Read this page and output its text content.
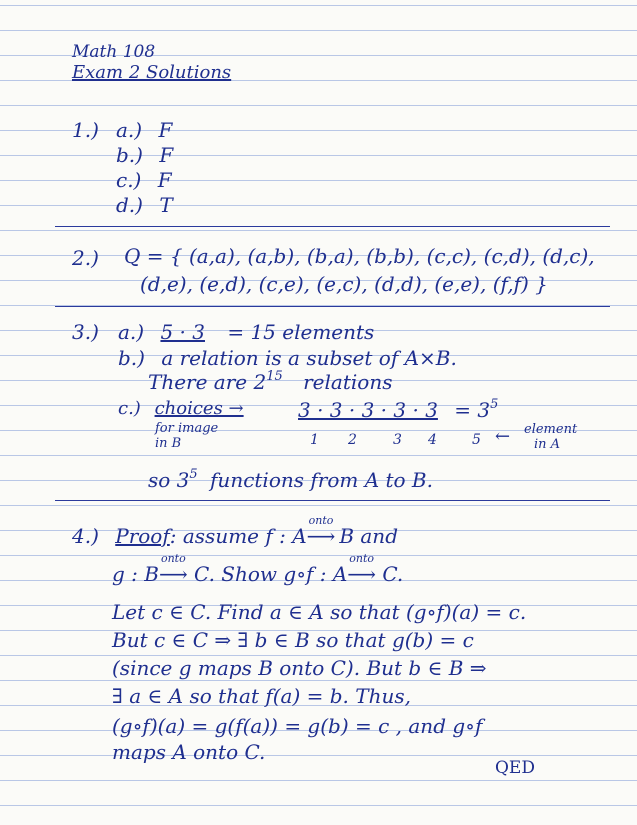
Math 108
Exam 2 Solutions
1.) a.) F
b.) F
c.) F
d.) T
2.) Q = { (a,a), (a,b), (b,a), (b,b), (c,c), (c,d), (d,c),
(d,e), (e,d), (c,e), (e,c), (d,d), (e,e), (f,f) }
3.) a.) 5 · 3 = 15 elements
b.) a relation is a subset of A×B.
There are $2^{15}$ relations
c.) choices →
for image
in B
$3 \cdot 3 \cdot 3 \cdot 3 \cdot 3 = 3^5$
1 2	3 4	5 ← element
in A
so $3^5$ functions from A to B.
4.) Proof: assume f : A
onto
⟶ B and
g : B
onto
⟶ C. Show g∘f : A
onto
⟶ C.
Let c ∈ C. Find a ∈ A so that (g∘f)(a) = c.
But c ∈ C ⇒ ∃ b ∈ B so that g(b) = c
(since g maps B onto C). But b ∈ B ⇒
∃ a ∈ A so that f(a) = b. Thus,
(g∘f)(a) = g(f(a)) = g(b) = c , and g∘f
maps A onto C.
QED
